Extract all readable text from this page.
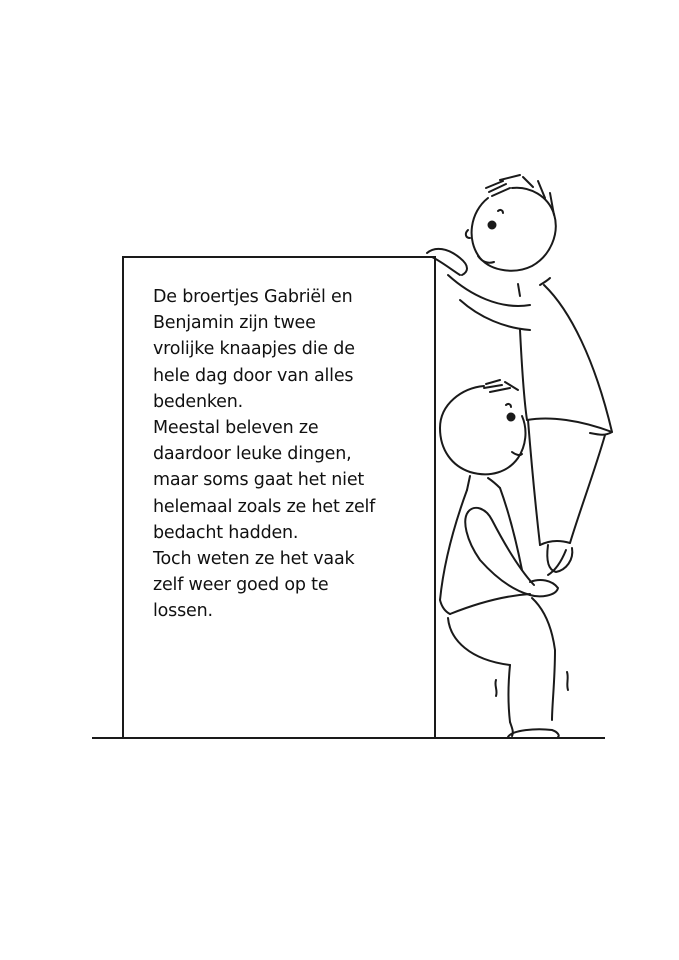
De broertjes Gabriël en
Benjamin zijn twee
vrolijke knaapjes die de
hele dag door van alles
bedenken.
Meestal beleven ze
daardoor leuke dingen,
maar soms gaat het niet
helemaal zoals ze het zelf
bedacht hadden.
Toch weten ze het vaak
zelf weer goed op te
lossen.
